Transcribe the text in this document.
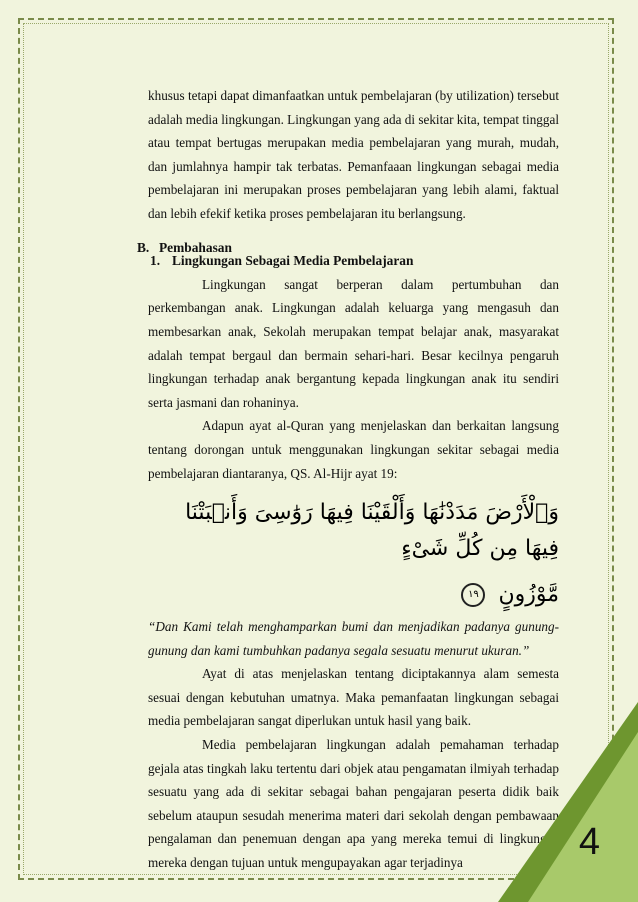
khusus tetapi dapat dimanfaatkan untuk pembelajaran (by utilization) tersebut adalah media lingkungan. Lingkungan yang ada di sekitar kita, tempat tinggal atau tempat bertugas merupakan media pembelajaran yang murah, mudah, dan jumlahnya hampir tak terbatas. Pemanfaaan lingkungan sebagai media pembelajaran ini merupakan proses pembelajaran yang lebih alami, faktual dan lebih efekif ketika proses pembelajaran itu berlangsung.

1. Lingkungan Sebagai Media Pembelajaran

Lingkungan sangat berperan dalam pertumbuhan dan perkembangan anak. Lingkungan adalah keluarga yang mengasuh dan membesarkan anak, Sekolah merupakan tempat belajar anak, masyarakat adalah tempat bergaul dan bermain sehari-hari. Besar kecilnya pengaruh lingkungan terhadap anak bergantung kepada lingkungan anak itu sendiri serta jasmani dan rohaninya.

Adapun ayat al-Quran yang menjelaskan dan berkaitan langsung tentang dorongan untuk menggunakan lingkungan sekitar sebagai media pembelajaran diantaranya, QS. Al-Hijr ayat 19:

وَٱلْأَرْضَ مَدَدْنَٰهَا وَأَلْقَيْنَا فِيهَا رَوَٰسِىَ وَأَنۢبَتْنَا فِيهَا مِن كُلِّ شَىْءٍ
مَّوْزُونٍ ١٩

“Dan Kami telah menghamparkan bumi dan menjadikan padanya gunung-gunung dan kami tumbuhkan padanya segala sesuatu menurut ukuran.”

Ayat di atas menjelaskan tentang diciptakannya alam semesta sesuai dengan kebutuhan umatnya. Maka pemanfaatan lingkungan sebagai media pembelajaran sangat diperlukan untuk hasil yang baik.

Media pembelajaran lingkungan adalah pemahaman terhadap gejala atas tingkah laku tertentu dari objek atau pengamatan ilmiyah terhadap sesuatu yang ada di sekitar sebagai bahan pengajaran peserta didik baik sebelum ataupun sesudah menerima materi dari sekolah dengan pembawaan pengalaman dan penemuan dengan apa yang mereka temui di lingkungan mereka dengan tujuan untuk mengupayakan agar terjadinya

B. Pembahasan
4
